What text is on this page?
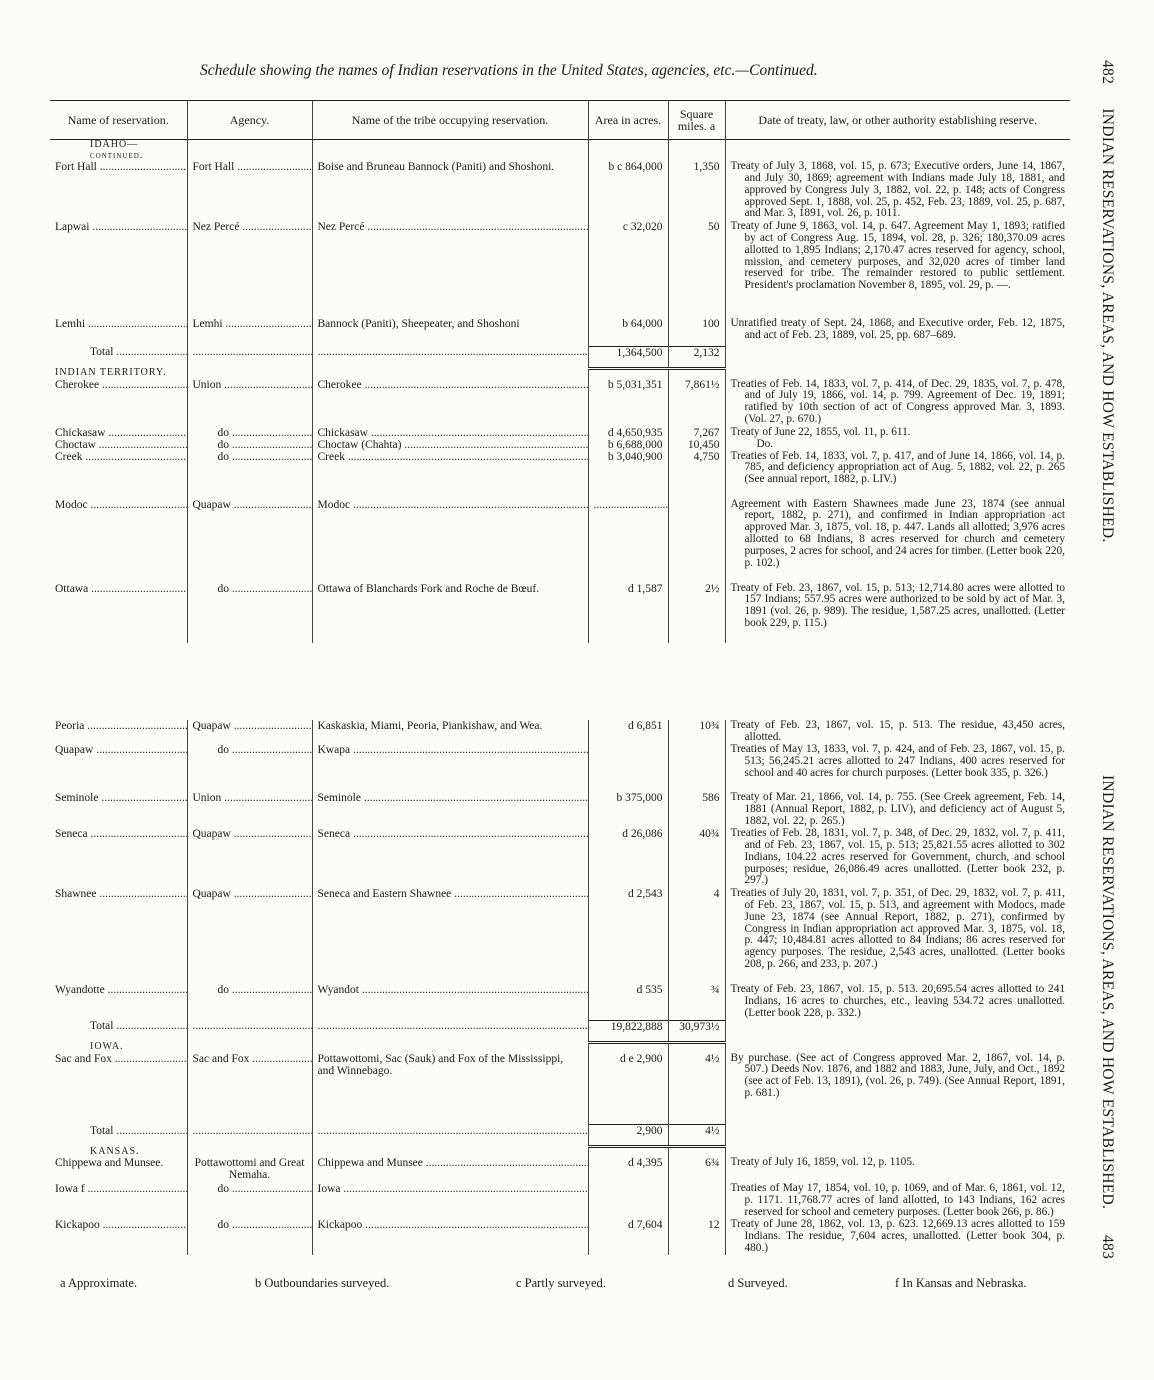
Schedule showing the names of Indian reservations in the United States, agencies, etc.—Continued.	482 INDIAN RESERVATIONS, AREAS, AND HOW ESTABLISHED.
INDIAN RESERVATIONS, AREAS, AND HOW ESTABLISHED. 483
Name of reservation.	Agency.	Name of the tribe occupying reservation.	Area in acres.	Square miles. a	Date of treaty, law, or other authority establishing reserve.
IDAHO—continued.					
Fort Hall .....	Fort Hall .....	Boise and Bruneau Bannock (Paniti) and Shoshoni.	b c 864,000	1,350	Treaty of July 3, 1868, vol. 15, p. 673; Executive orders, June 14, 1867, and July 30, 1869; agreement with Indians made July 18, 1881, and approved by Congress July 3, 1882, vol. 22, p. 148; acts of Congress approved Sept. 1, 1888, vol. 25, p. 452, Feb. 23, 1889, vol. 25, p. 687, and Mar. 3, 1891, vol. 26, p. 1011.

Lapwai .....	Nez Percé .....	Nez Percé .....	c 32,020	50	Treaty of June 9, 1863, vol. 14, p. 647. Agreement May 1, 1893; ratified by act of Congress Aug. 15, 1894, vol. 28, p. 326; 180,370.09 acres allotted to 1,895 Indians; 2,170.47 acres reserved for agency, school, mission, and cemetery purposes, and 32,020 acres of timber land reserved for tribe. The remainder restored to public settlement. President's proclamation November 8, 1895, vol. 29, p. —.

Lemhi .....	Lemhi .....	Bannock (Paniti), Sheepeater, and Shoshoni	b 64,000	100	Unratified treaty of Sept. 24, 1868, and Executive order, Feb. 12, 1875, and act of Feb. 23, 1889, vol. 25, pp. 687–689.

Total .....	.....	.....	1,364,500	2,132	
INDIAN TERRITORY.					
Cherokee .....	Union .....	Cherokee .....	b 5,031,351	7,861½	Treaties of Feb. 14, 1833, vol. 7, p. 414, of Dec. 29, 1835, vol. 7, p. 478, and of July 19, 1866, vol. 14, p. 799. Agreement of Dec. 19, 1891; ratified by 10th section of act of Congress approved Mar. 3, 1893. (Vol. 27, p. 670.)

Chickasaw .....	do .....	Chickasaw .....	d 4,650,935	7,267	Treaty of June 22, 1855, vol. 11, p. 611.

Choctaw .....	do .....	Choctaw (Chahta) .....	b 6,688,000	10,450	Do.

Creek .....	do .....	Creek .....	b 3,040,900	4,750	Treaties of Feb. 14, 1833, vol. 7, p. 417, and of June 14, 1866, vol. 14, p. 785, and deficiency appropriation act of Aug. 5, 1882, vol. 22, p. 265 (See annual report, 1882, p. LIV.)

Modoc .....	Quapaw .....	Modoc .....	.....		Agreement with Eastern Shawnees made June 23, 1874 (see annual report, 1882, p. 271), and confirmed in Indian appropriation act approved Mar. 3, 1875, vol. 18, p. 447. Lands all allotted; 3,976 acres allotted to 68 Indians, 8 acres reserved for church and cemetery purposes, 2 acres for school, and 24 acres for timber. (Letter book 220, p. 102.)

Ottawa .....	do .....	Ottawa of Blanchards Fork and Roche de Bœuf.	d 1,587	2½	Treaty of Feb. 23, 1867, vol. 15, p. 513; 12,714.80 acres were allotted to 157 Indians; 557.95 acres were authorized to be sold by act of Mar. 3, 1891 (vol. 26, p. 989). The residue, 1,587.25 acres, unallotted. (Letter book 229, p. 115.)
Peoria .....	Quapaw .....	Kaskaskia, Miami, Peoria, Piankishaw, and Wea.	d 6,851	10¾	Treaty of Feb. 23, 1867, vol. 15, p. 513. The residue, 43,450 acres, allotted.

Quapaw .....	do .....	Kwapa .....			Treaties of May 13, 1833, vol. 7, p. 424, and of Feb. 23, 1867, vol. 15, p. 513; 56,245.21 acres allotted to 247 Indians, 400 acres reserved for school and 40 acres for church purposes. (Letter book 335, p. 326.)

Seminole .....	Union .....	Seminole .....	b 375,000	586	Treaty of Mar. 21, 1866, vol. 14, p. 755. (See Creek agreement, Feb. 14, 1881 (Annual Report, 1882, p. LIV), and deficiency act of August 5, 1882, vol. 22, p. 265.)

Seneca .....	Quapaw .....	Seneca .....	d 26,086	40¾	Treaties of Feb. 28, 1831, vol. 7, p. 348, of Dec. 29, 1832, vol. 7, p. 411, and of Feb. 23, 1867, vol. 15, p. 513; 25,821.55 acres allotted to 302 Indians, 104.22 acres reserved for Government, church, and school purposes; residue, 26,086.49 acres unallotted. (Letter book 232, p. 297.)

Shawnee .....	Quapaw .....	Seneca and Eastern Shawnee .....	d 2,543	4	Treaties of July 20, 1831, vol. 7, p. 351, of Dec. 29, 1832, vol. 7, p. 411, of Feb. 23, 1867, vol. 15, p. 513, and agreement with Modocs, made June 23, 1874 (see Annual Report, 1882, p. 271), confirmed by Congress in Indian appropriation act approved Mar. 3, 1875, vol. 18, p. 447; 10,484.81 acres allotted to 84 Indians; 86 acres reserved for agency purposes. The residue, 2,543 acres, unallotted. (Letter books 208, p. 266, and 233, p. 207.)

Wyandotte .....	do .....	Wyandot .....	d 535	¾	Treaty of Feb. 23, 1867, vol. 15, p. 513. 20,695.54 acres allotted to 241 Indians, 16 acres to churches, etc., leaving 534.72 acres unallotted. (Letter book 228, p. 332.)

Total .....	.....	.....	19,822,888	30,973½	
IOWA.					
Sac and Fox .....	Sac and Fox .....	Pottawottomi, Sac (Sauk) and Fox of the Mississippi, and Winnebago.	d e 2,900	4½	By purchase. (See act of Congress approved Mar. 2, 1867, vol. 14, p. 507.) Deeds Nov. 1876, and 1882 and 1883, June, July, and Oct., 1892 (see act of Feb. 13, 1891), (vol. 26, p. 749). (See Annual Report, 1891, p. 681.)

Total .....	.....	.....	2,900	4½	
KANSAS.					
Chippewa and Munsee.	Pottawottomi and Great Nemaha.	Chippewa and Munsee .....	d 4,395	6¾	Treaty of July 16, 1859, vol. 12, p. 1105.

Iowa f .....	do .....	Iowa .....			Treaties of May 17, 1854, vol. 10, p. 1069, and of Mar. 6, 1861, vol. 12, p. 1171. 11,768.77 acres of land allotted, to 143 Indians, 162 acres reserved for school and cemetery purposes. (Letter book 266, p. 86.)

Kickapoo .....	do .....	Kickapoo .....	d 7,604	12	Treaty of June 28, 1862, vol. 13, p. 623. 12,669.13 acres allotted to 159 Indians. The residue, 7,604 acres, unallotted. (Letter book 304, p. 480.)
a Approximate.	b Outboundaries surveyed.	c Partly surveyed.	d Surveyed.	f In Kansas and Nebraska.
